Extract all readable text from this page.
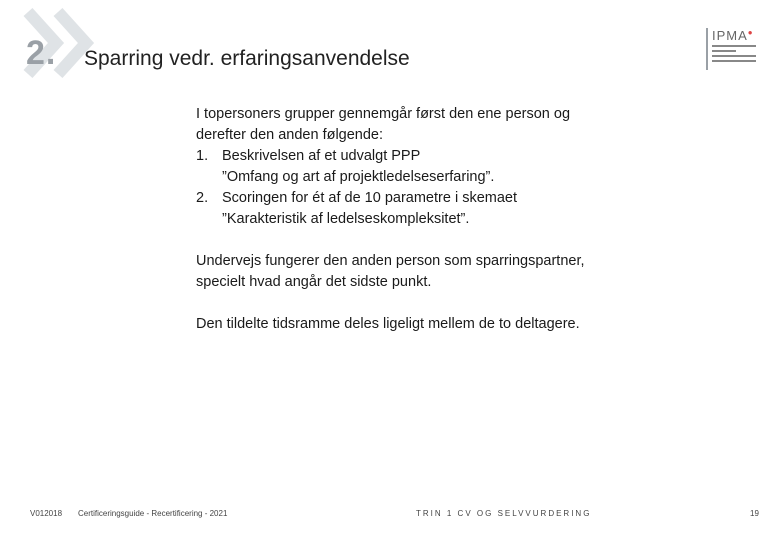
2. Sparring vedr. erfaringsanvendelse
IPMA●

I topersoners grupper gennemgår først den ene person og

derefter den anden følgende:

1. Beskrivelsen af et udvalgt PPP
”Omfang og art af projektledelseserfaring”.
2. Scoringen for ét af de 10 parametre i skemaet
”Karakteristik af ledelseskompleksitet”.

Undervejs fungerer den anden person som sparringspartner,

specielt hvad angår det sidste punkt.

Den tildelte tidsramme deles ligeligt mellem de to deltagere.

V012018 Certificeringsguide - Recertificering - 2021	TRIN 1 CV OG SELVVURDERING	19
